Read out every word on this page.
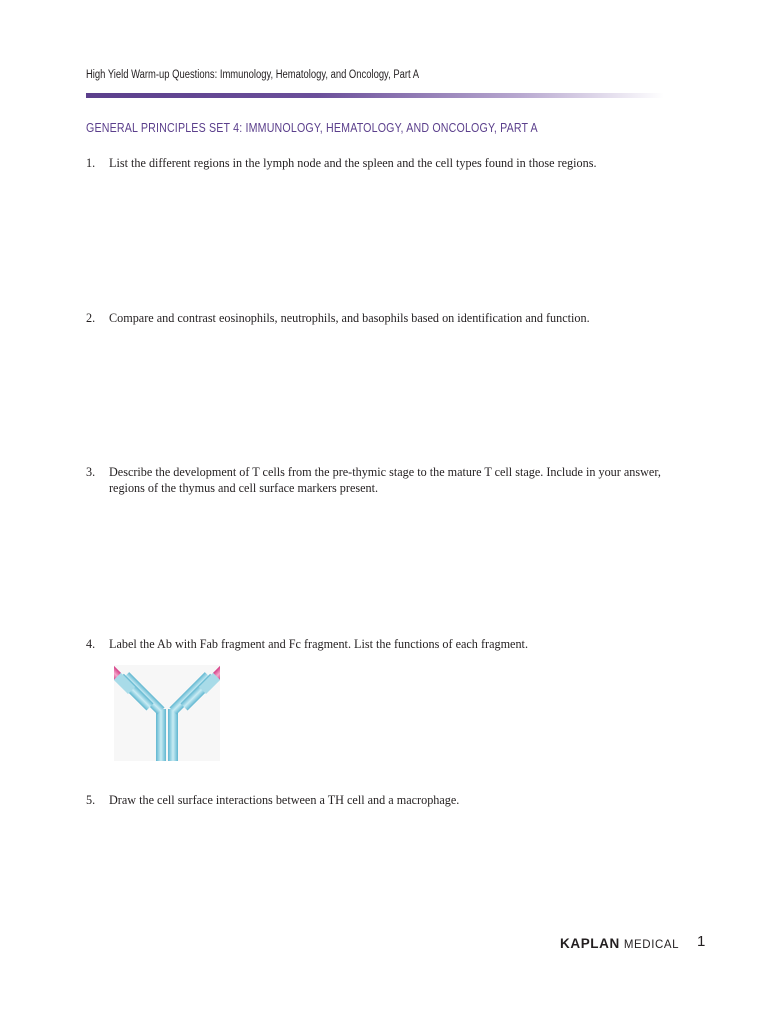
High Yield Warm-up Questions: Immunology, Hematology, and Oncology, Part A
GENERAL PRINCIPLES SET 4: IMMUNOLOGY, HEMATOLOGY, AND ONCOLOGY, PART A
1. List the different regions in the lymph node and the spleen and the cell types found in those regions.
2. Compare and contrast eosinophils, neutrophils, and basophils based on identification and function.
3. Describe the development of T cells from the pre-thymic stage to the mature T cell stage. Include in your answer, regions of the thymus and cell surface markers present.
4. Label the Ab with Fab fragment and Fc fragment. List the functions of each fragment.
5. Draw the cell surface interactions between a TH cell and a macrophage.
KAPLAN MEDICAL 1
